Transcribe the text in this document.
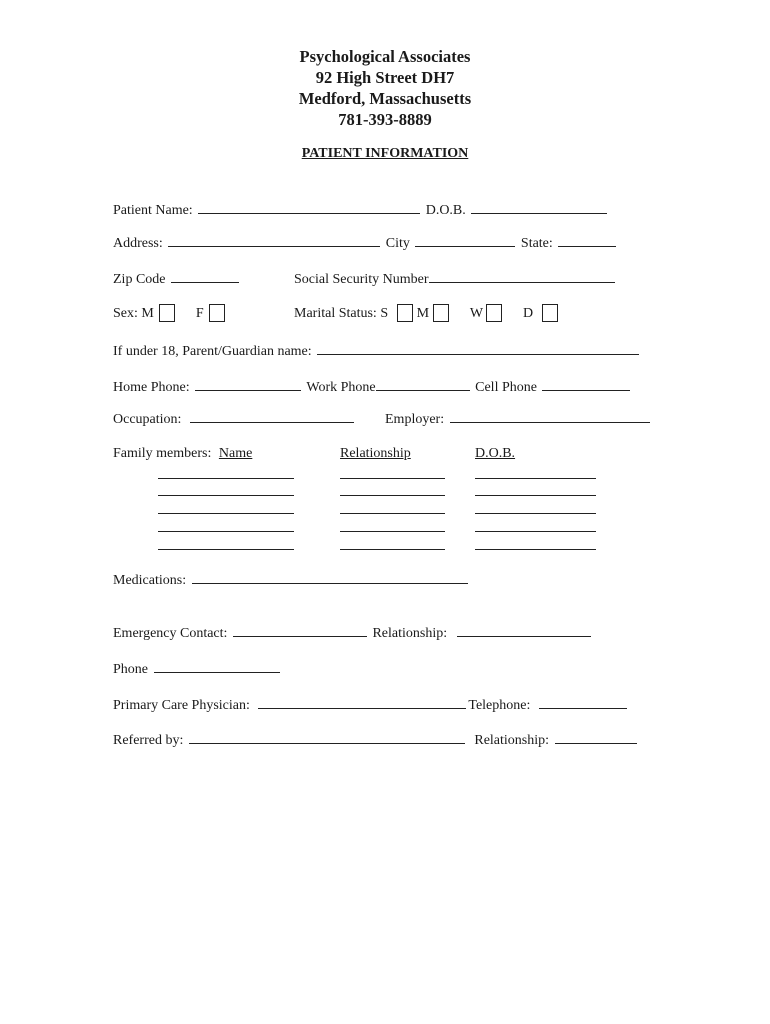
Psychological Associates
92 High Street DH7
Medford, Massachusetts
781-393-8889
PATIENT INFORMATION
Patient Name:	D.O.B.
Address:	City	State:
Zip Code	Social Security Number
Sex: M	F	Marital Status: S M	W	D
If under 18, Parent/Guardian name:
Home Phone:	Work Phone	Cell Phone
Occupation:	Employer:
Family members: Name	Relationship	D.O.B.
Medications:
Emergency Contact:	Relationship:
Phone
Primary Care Physician:	Telephone:
Referred by:	Relationship:
